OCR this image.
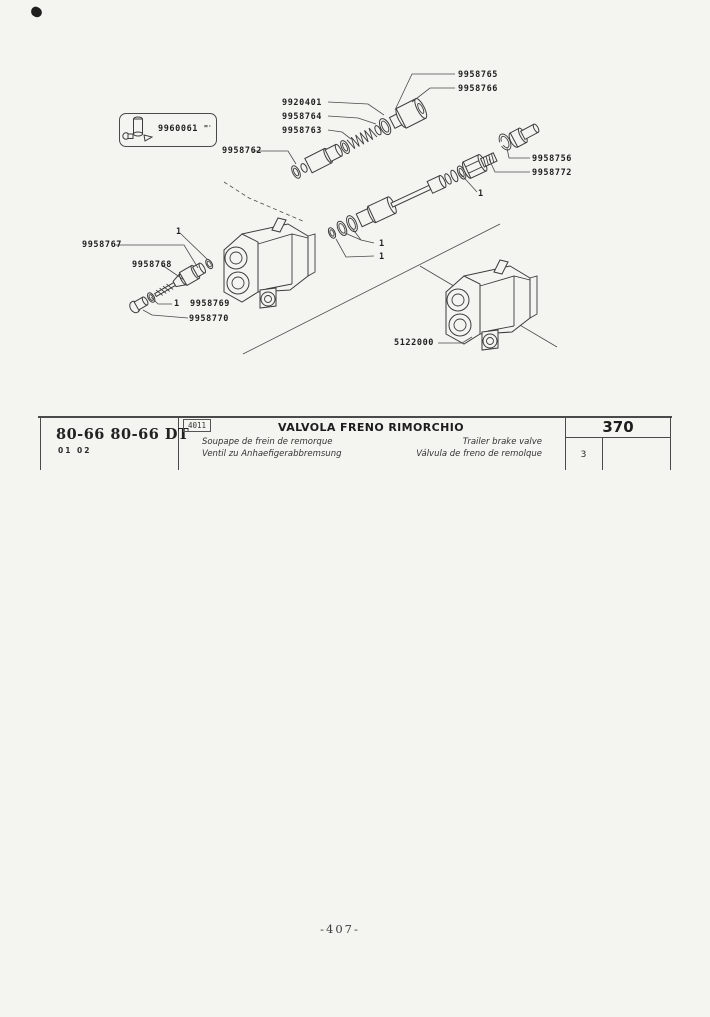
9958765
9958766
9920401
9958764
9958763
9958762
9958756
9958772
9958767
9958768
1
1
1
1
1 9958769
9958770
5122000
9960061 =·
80-66 80-66 DT
01 02
4011	VALVOLA FRENO RIMORCHIO
Soupape de frein de remorque
Ventil zu Anhaefigerabbremsung
Trailer brake valve
Válvula de freno de remolque
370
3
-407-
